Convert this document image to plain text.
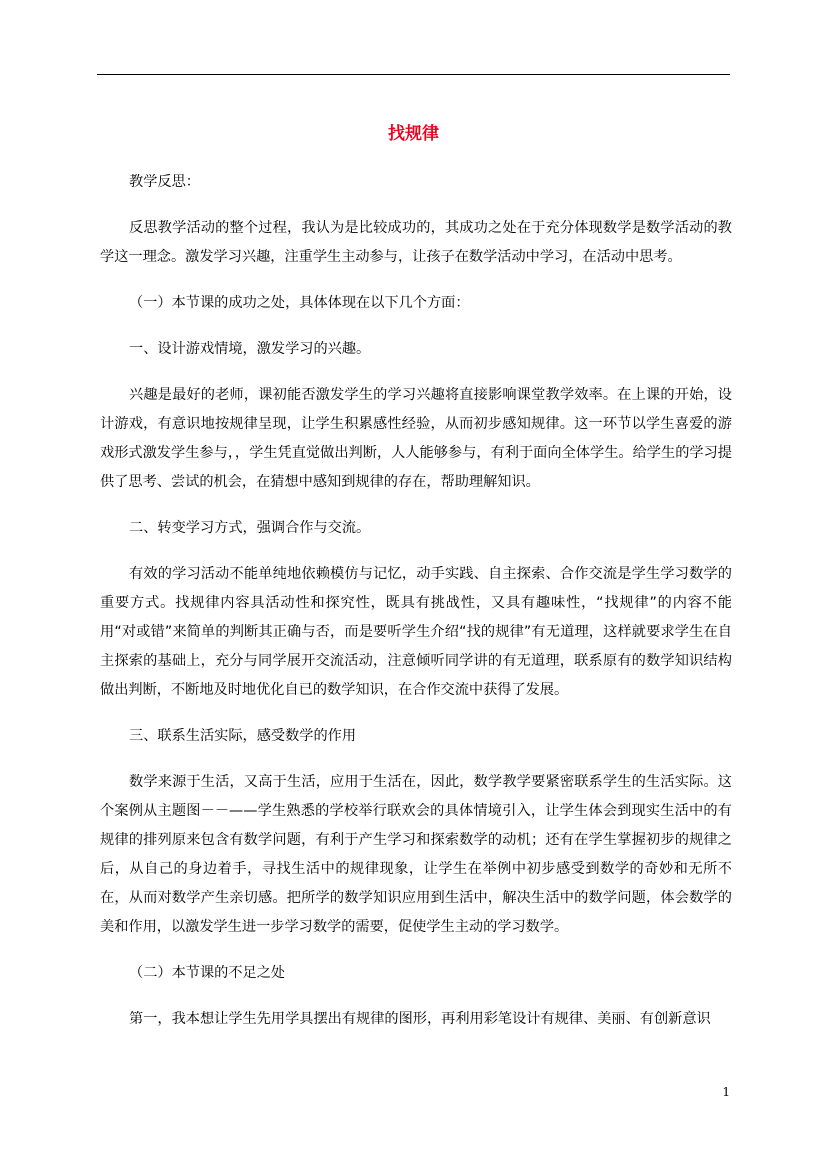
找规律

教学反思：

反思教学活动的整个过程，我认为是比较成功的，其成功之处在于充分体现数学是数学活动的教学这一理念。激发学习兴趣，注重学生主动参与，让孩子在数学活动中学习，在活动中思考。

（一）本节课的成功之处，具体体现在以下几个方面：

一、设计游戏情境，激发学习的兴趣。

兴趣是最好的老师，课初能否激发学生的学习兴趣将直接影响课堂教学效率。在上课的开始，设计游戏，有意识地按规律呈现，让学生积累感性经验，从而初步感知规律。这一环节以学生喜爱的游戏形式激发学生参与，，学生凭直觉做出判断，人人能够参与，有利于面向全体学生。给学生的学习提供了思考、尝试的机会，在猜想中感知到规律的存在，帮助理解知识。

二、转变学习方式，强调合作与交流。

有效的学习活动不能单纯地依赖模仿与记忆，动手实践、自主探索、合作交流是学生学习数学的　　重要方式。找规律内容具活动性和探究性，既具有挑战性，又具有趣味性，“找规律”的内容不能用“对或错”来简单的判断其正确与否，而是要听学生介绍“找的规律”有无道理，这样就要求学生在自主探索的基础上，充分与同学展开交流活动，注意倾听同学讲的有无道理，联系原有的数学知识结构做出判断，不断地及时地优化自已的数学知识，在合作交流中获得了发展。

三、联系生活实际，感受数学的作用

数学来源于生活，又高于生活，应用于生活在，因此，数学教学要紧密联系学生的生活实际。这个案例从主题图－－——学生熟悉的学校举行联欢会的具体情境引入，让学生体会到现实生活中的有规律的排列原来包含有数学问题，有利于产生学习和探索数学的动机；还有在学生掌握初步的规律之后，从自己的身边着手，寻找生活中的规律现象，让学生在举例中初步感受到数学的奇妙和无所不在，从而对数学产生亲切感。把所学的数学知识应用到生活中，解决生活中的数学问题，体会数学的美和作用，以激发学生进一步学习数学的需要，促使学生主动的学习数学。

（二）本节课的不足之处

第一，我本想让学生先用学具摆出有规律的图形，再利用彩笔设计有规律、美丽、有创新意识

1
